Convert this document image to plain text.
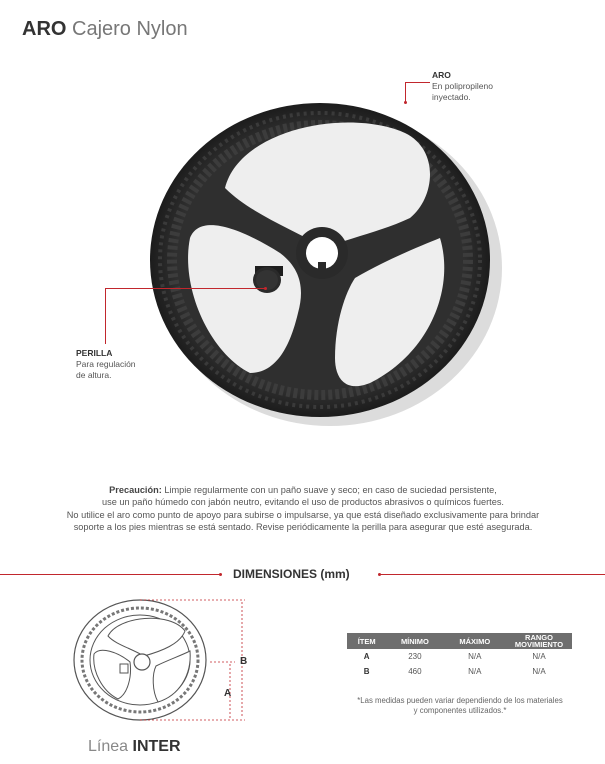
ARO Cajero Nylon
ARO
En polipropileno
inyectado.
PERILLA
Para regulación
de altura.
Precaución: Limpie regularmente con un paño suave y seco; en caso de suciedad persistente,
use un paño húmedo con jabón neutro, evitando el uso de productos abrasivos o químicos fuertes.
No utilice el aro como punto de apoyo para subirse o impulsarse, ya que está diseñado exclusivamente para brindar
soporte a los pies mientras se está sentado. Revise periódicamente la perilla para asegurar que esté asegurada.
DIMENSIONES (mm)
B
A
ÍTEM	MÍNIMO	MÁXIMO	RANGO MOVIMIENTO
A	230	N/A	N/A
B	460	N/A	N/A
*Las medidas pueden variar dependiendo de los materiales
y componentes utilizados.*
Línea INTER
